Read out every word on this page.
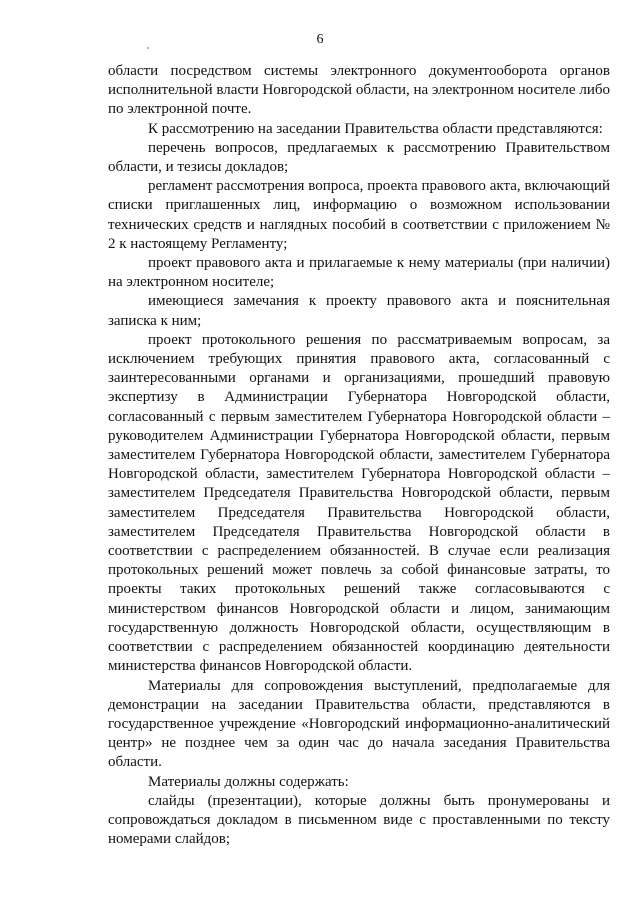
6

области посредством системы электронного документооборота органов исполнительной власти Новгородской области, на электронном носителе либо по электронной почте.

К рассмотрению на заседании Правительства области представляются:

перечень вопросов, предлагаемых к рассмотрению Правительством области, и тезисы докладов;

регламент рассмотрения вопроса, проекта правового акта, включающий списки приглашенных лиц, информацию о возможном использовании технических средств и наглядных пособий в соответствии с приложением № 2 к настоящему Регламенту;

проект правового акта и прилагаемые к нему материалы (при наличии) на электронном носителе;

имеющиеся замечания к проекту правового акта и пояснительная записка к ним;

проект протокольного решения по рассматриваемым вопросам, за исключением требующих принятия правового акта, согласованный с заинтересованными органами и организациями, прошедший правовую экспертизу в Администрации Губернатора Новгородской области, согласованный с первым заместителем Губернатора Новгородской области – руководителем Администрации Губернатора Новгородской области, первым заместителем Губернатора Новгородской области, заместителем Губернатора Новгородской области, заместителем Губернатора Новгородской области – заместителем Председателя Правительства Новгородской области, первым заместителем Председателя Правительства Новгородской области, заместителем Председателя Правительства Новгородской области в соответствии с распределением обязанностей. В случае если реализация протокольных решений может повлечь за собой финансовые затраты, то проекты таких протокольных решений также согласовываются с министерством финансов Новгородской области и лицом, занимающим государственную должность Новгородской области, осуществляющим в соответствии с распределением обязанностей координацию деятельности министерства финансов Новгородской области.

Материалы для сопровождения выступлений, предполагаемые для демонстрации на заседании Правительства области, представляются в государственное учреждение «Новгородский информационно-аналитический центр» не позднее чем за один час до начала заседания Правительства области.

Материалы должны содержать:

слайды (презентации), которые должны быть пронумерованы и сопровождаться докладом в письменном виде с проставленными по тексту номерами слайдов;
